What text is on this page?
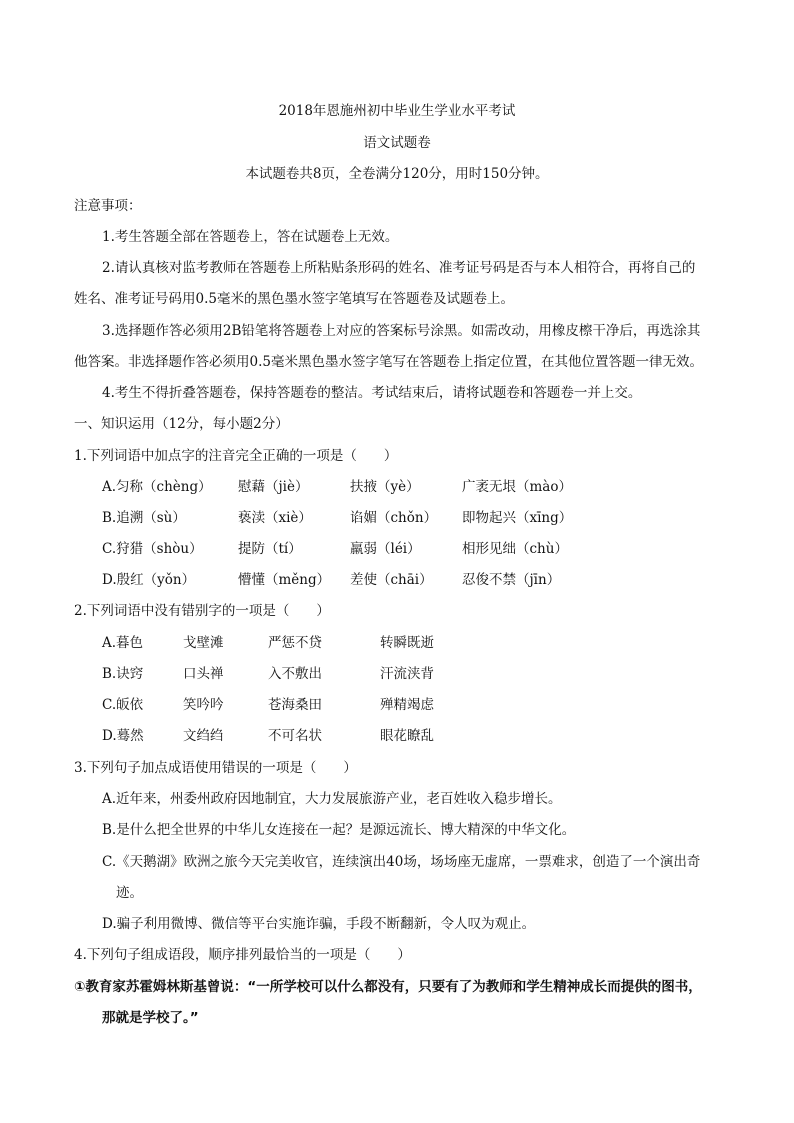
2018年恩施州初中毕业生学业水平考试
语文试题卷
本试题卷共8页，全卷满分120分，用时150分钟。
注意事项：
1.考生答题全部在答题卷上，答在试题卷上无效。
2.请认真核对监考教师在答题卷上所粘贴条形码的姓名、准考证号码是否与本人相符合，再将自己的
姓名、准考证号码用0.5毫米的黑色墨水签字笔填写在答题卷及试题卷上。
3.选择题作答必须用2B铅笔将答题卷上对应的答案标号涂黑。如需改动，用橡皮檫干净后，再选涂其
他答案。非选择题作答必须用0.5毫米黑色墨水签字笔写在答题卷上指定位置，在其他位置答题一律无效。
4.考生不得折叠答题卷，保持答题卷的整洁。考试结束后，请将试题卷和答题卷一并上交。
一、知识运用（12分，每小题2分）
1.下列词语中加点字的注音完全正确的一项是（　　）
A.匀称（chèng） 慰藉（jiè）	扶掖（yè）	广袤无垠（mào）
B.追溯（sù）	亵渎（xiè）	谄媚（chǒn） 即物起兴（xīng）
C.狩猎（shòu）	提防（tí）	羸弱（léi）	相形见绌（chù）
D.殷红（yǒn）	懵懂（měng） 差使（chāi） 忍俊不禁（jīn）
2.下列词语中没有错别字的一项是（　　）
A.暮色	戈壁滩	严惩不贷	转瞬既逝
B.诀窍	口头禅	入不敷出	汗流浃背
C.皈依	笑吟吟	苍海桑田	殚精竭虑
D.蓦然	文绉绉	不可名状	眼花瞭乱
3.下列句子加点成语使用错误的一项是（　　）
A.近年来，州委州政府因地制宜，大力发展旅游产业，老百姓收入稳步增长。
B.是什么把全世界的中华儿女连接在一起？是源远流长、博大精深的中华文化。
C.《天鹅湖》欧洲之旅今天完美收官，连续演出40场，场场座无虚席，一票难求，创造了一个演出奇
迹。
D.骗子利用微博、微信等平台实施诈骗，手段不断翻新，令人叹为观止。
4.下列句子组成语段，顺序排列最恰当的一项是（　　）
①教育家苏霍姆林斯基曾说：“一所学校可以什么都没有，只要有了为教师和学生精神成长而提供的图书，
那就是学校了。”
